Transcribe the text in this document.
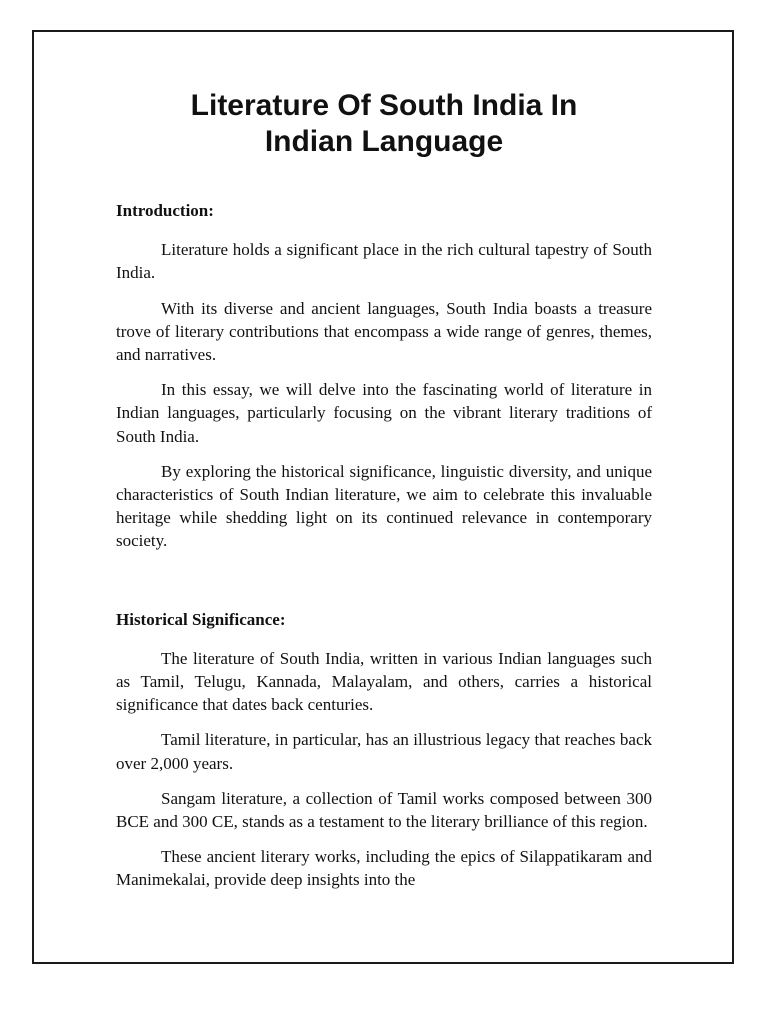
Literature Of South India In
Indian Language

Introduction:

Literature holds a significant place in the rich cultural tapestry of South India.

With its diverse and ancient languages, South India boasts a treasure trove of literary contributions that encompass a wide range of genres, themes, and narratives.

In this essay, we will delve into the fascinating world of literature in Indian languages, particularly focusing on the vibrant literary traditions of South India.

By exploring the historical significance, linguistic diversity, and unique characteristics of South Indian literature, we aim to celebrate this invaluable heritage while shedding light on its continued relevance in contemporary society.

Historical Significance:

The literature of South India, written in various Indian languages such as Tamil, Telugu, Kannada, Malayalam, and others, carries a historical significance that dates back centuries.

Tamil literature, in particular, has an illustrious legacy that reaches back over 2,000 years.

Sangam literature, a collection of Tamil works composed between 300 BCE and 300 CE, stands as a testament to the literary brilliance of this region.

These ancient literary works, including the epics of Silappatikaram and Manimekalai, provide deep insights into the
